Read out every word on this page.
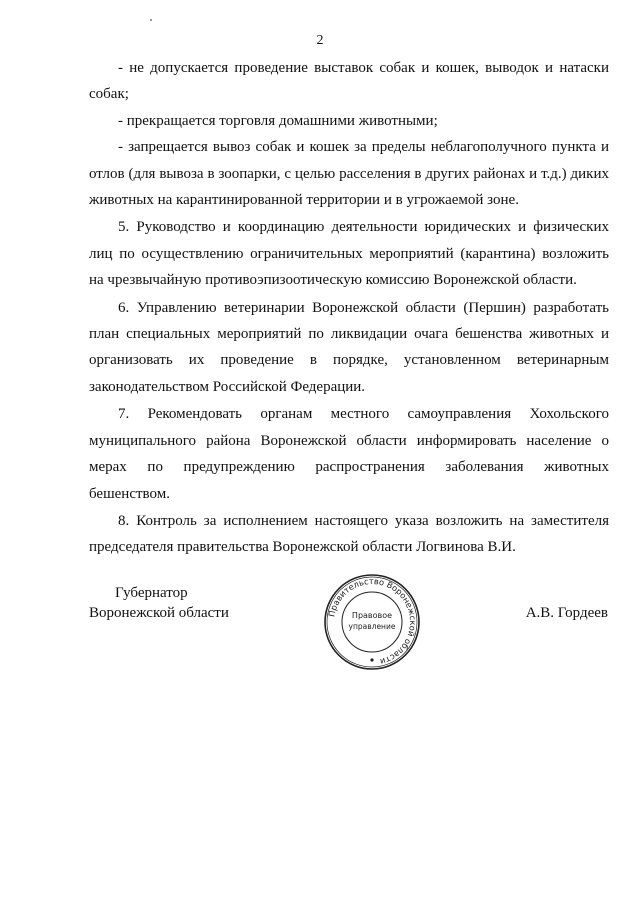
2

- не допускается проведение выставок собак и кошек, выводок и натаски собак;

- прекращается торговля домашними животными;

- запрещается вывоз собак и кошек за пределы неблагополучного пункта и отлов (для вывоза в зоопарки, с целью расселения в других районах и т.д.) диких животных на карантинированной территории и в угрожаемой зоне.

5. Руководство и координацию деятельности юридических и физических лиц по осуществлению ограничительных мероприятий (карантина) возложить на чрезвычайную противоэпизоотическую комиссию Воронежской области.

6. Управлению ветеринарии Воронежской области (Першин) разработать план специальных мероприятий по ликвидации очага бешенства животных и организовать их проведение в порядке, установленном ветеринарным законодательством Российской Федерации.

7. Рекомендовать органам местного самоуправления Хохольского муниципального района Воронежской области информировать население о мерах по предупреждению распространения заболевания животных бешенством.

8. Контроль за исполнением настоящего указа возложить на заместителя председателя правительства Воронежской области Логвинова В.И.

Губернатор
Воронежской области	Правительство Воронежской области
Правовое
управление
А.В. Гордеев
